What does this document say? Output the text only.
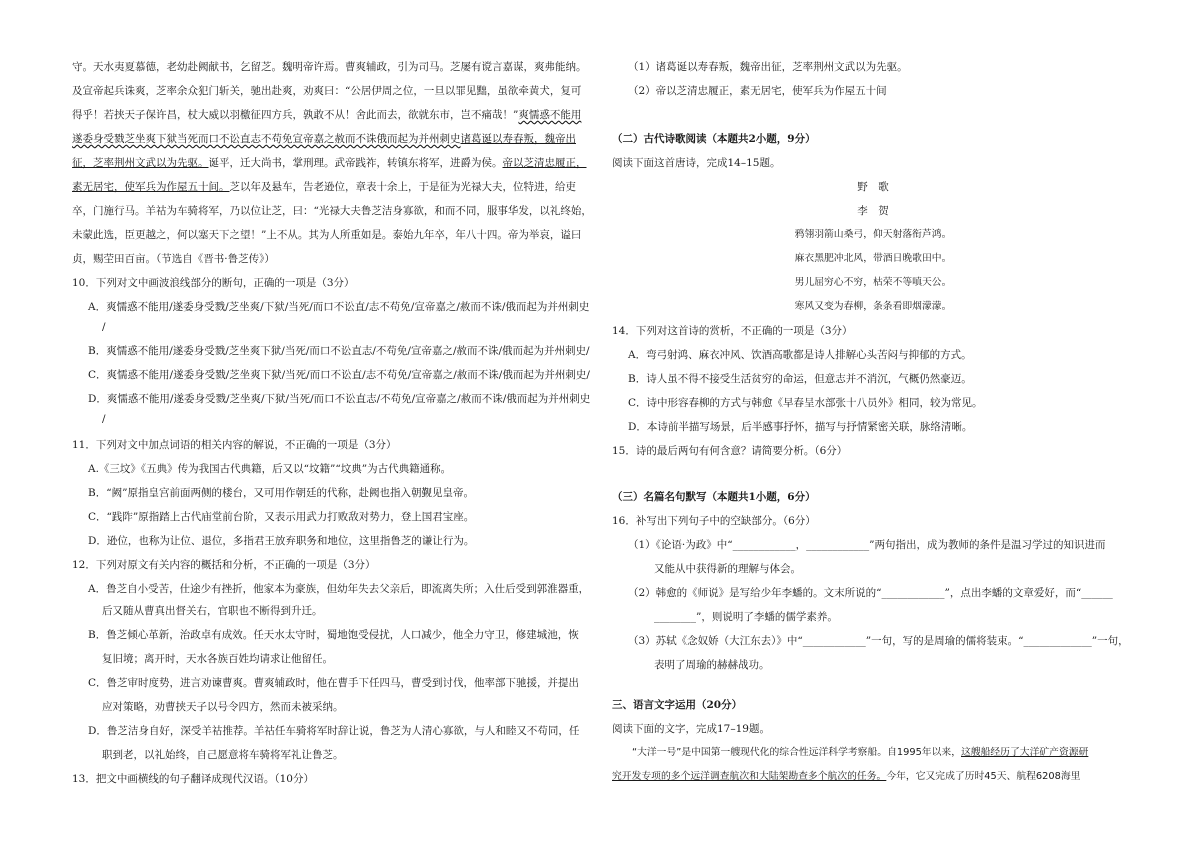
守。天水夷夏慕德，老幼赴阙献书，乞留芝。魏明帝许焉。曹爽辅政，引为司马。芝屡有谠言嘉谋，爽弗能纳。
及宣帝起兵诛爽，芝率余众犯门斩关，驰出赴爽，劝爽曰：“公居伊周之位，一旦以罪见黜，虽欲牵黄犬，复可
得乎！若挟天子保许昌，杖大威以羽檄征四方兵，孰敢不从！舍此而去，欲就东市，岂不痛哉！”爽懦惑不能用
遂委身受戮芝坐爽下狱当死而口不讼直志不苟免宣帝嘉之赦而不诛俄而起为并州刺史诸葛诞以寿春叛，魏帝出
征，芝率荆州文武以为先驱。诞平，迁大尚书，掌刑理。武帝践祚，转镇东将军，进爵为侯。帝以芝清忠履正，
素无居宅，使军兵为作屋五十间。芝以年及悬车，告老逊位，章表十余上，于是征为光禄大夫，位特进，给吏
卒，门施行马。羊祜为车骑将军，乃以位让芝，曰：“光禄大夫鲁芝洁身寡欲，和而不同，服事华发，以礼终始，
未蒙此选，臣更越之，何以塞天下之望！”上不从。其为人所重如是。泰始九年卒，年八十四。帝为举哀，谥曰
贞，赐茔田百亩。（节选自《晋书·鲁芝传》）
10．下列对文中画波浪线部分的断句，正确的一项是（3分）
A．爽懦惑不能用/遂委身受戮/芝坐爽/下狱/当死/而口不讼直/志不苟免/宣帝嘉之/赦而不诛/俄而起为并州刺史
/
B．爽懦惑不能用/遂委身受戮/芝坐爽下狱/当死/而口不讼直志/不苟免/宣帝嘉之/赦而不诛/俄而起为并州刺史/
C．爽懦惑不能用/遂委身受戮/芝坐爽下狱/当死/而口不讼直/志不苟免/宣帝嘉之/赦而不诛/俄而起为并州刺史/
D．爽懦惑不能用/遂委身受戮/芝坐爽/下狱/当死/而口不讼直志/不苟免/宣帝嘉之/赦而不诛/俄而起为并州刺史
/
11．下列对文中加点词语的相关内容的解说，不正确的一项是（3分）
A.《三坟》《五典》传为我国古代典籍，后又以“坟籍”“坟典”为古代典籍通称。
B．“阙”原指皇宫前面两侧的楼台，又可用作朝廷的代称，赴阙也指入朝觐见皇帝。
C．“践阼”原指踏上古代庙堂前台阶，又表示用武力打败敌对势力，登上国君宝座。
D．逊位，也称为让位、退位，多指君王放弃职务和地位，这里指鲁芝的谦让行为。
12．下列对原文有关内容的概括和分析，不正确的一项是（3分）
A．鲁芝自小受苦，仕途少有挫折，他家本为豪族，但幼年失去父亲后，即流离失所；入仕后受到郭淮器重，
后又随从曹真出督关右，官职也不断得到升迁。
B．鲁芝倾心革新，治政卓有成效。任天水太守时，蜀地饱受侵扰，人口减少，他全力守卫，修建城池，恢
复旧境；离开时，天水各族百姓均请求让他留任。
C．鲁芝审时度势，进言劝谏曹爽。曹爽辅政时，他在曹手下任四马，曹受到讨伐，他率部下驰援，并提出
应对策略，劝曹挟天子以号令四方，然而未被采纳。
D．鲁芝洁身自好，深受羊祜推荐。羊祜任车骑将军时辞让说，鲁芝为人清心寡欲，与人和睦又不苟同，任
职到老，以礼始终，自己愿意将车骑将军礼让鲁芝。
13．把文中画横线的句子翻译成现代汉语。（10分）
（1）诸葛诞以寿春叛，魏帝出征，芝率荆州文武以为先驱。
（2）帝以芝清忠履正，素无居宅，使军兵为作屋五十间
（二）古代诗歌阅读（本题共2小题，9分）
阅读下面这首唐诗，完成14–15题。
野　歌
李　贺
鸦翎羽箭山桑弓，仰天射落衔芦鸿。
麻衣黑肥冲北风，带酒日晚歌田中。
男儿屈穷心不穷，枯荣不等嗔天公。
寒风又变为春柳，条条看即烟濛濛。
14．下列对这首诗的赏析，不正确的一项是（3分）
A．弯弓射鸿、麻衣冲风、饮酒高歌都是诗人排解心头苦闷与抑郁的方式。
B．诗人虽不得不接受生活贫穷的命运，但意志并不消沉，气概仍然豪迈。
C．诗中形容春柳的方式与韩愈《早春呈水部张十八员外》相同，较为常见。
D．本诗前半描写场景，后半感事抒怀，描写与抒情紧密关联，脉络清晰。
15．诗的最后两句有何含意？请简要分析。（6分）
（三）名篇名句默写（本题共1小题，6分）
16．补写出下列句子中的空缺部分。（6分）
（1）《论语·为政》中“____________，____________”两句指出，成为教师的条件是温习学过的知识进而
又能从中获得新的理解与体会。
（2）韩愈的《师说》是写给少年李蟠的。文末所说的“____________”，点出李蟠的文章爱好，而“______
________”，则说明了李蟠的儒学素养。
（3）苏轼《念奴娇（大江东去）》中“____________”一句，写的是周瑜的儒将装束。“_____________”一句，
表明了周瑜的赫赫战功。
三、语言文字运用（20分）
阅读下面的文字，完成17–19题。
“大洋一号”是中国第一艘现代化的综合性远洋科学考察船。自1995年以来，这艘船经历了大洋矿产资源研
究开发专项的多个远洋调查航次和大陆架勘查多个航次的任务。今年，它又完成了历时45天、航程6208海里
